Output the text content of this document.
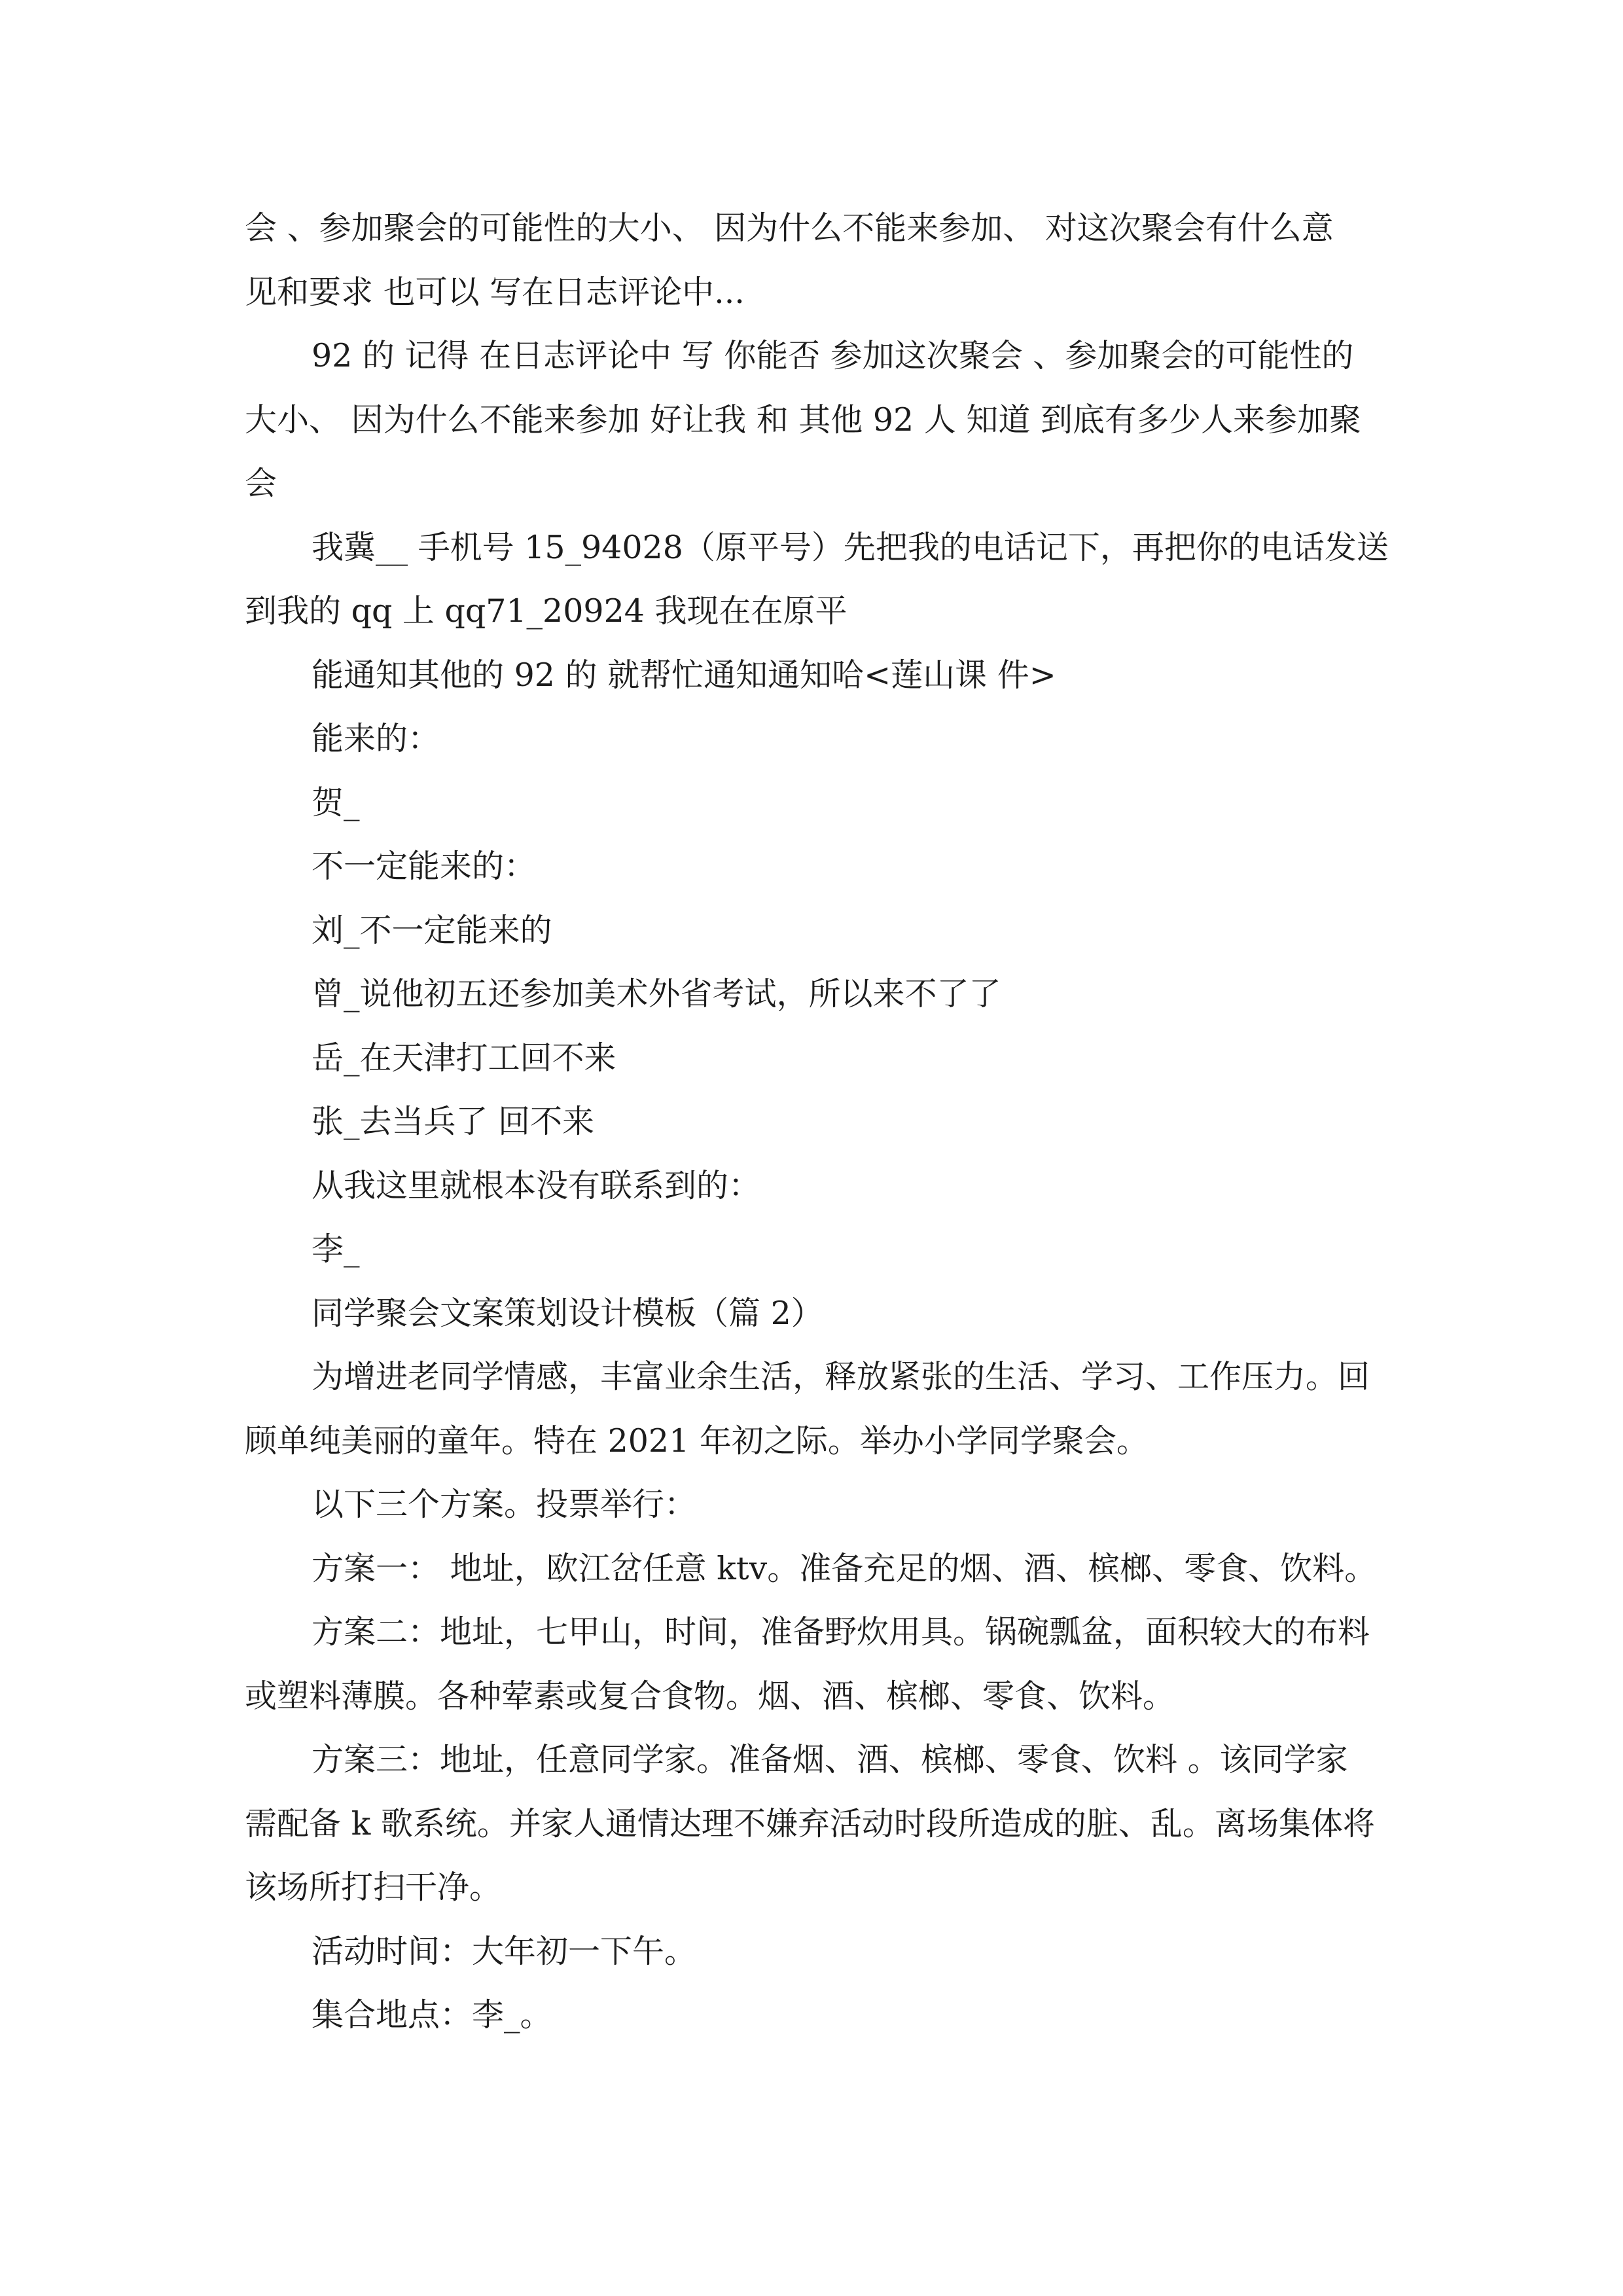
会 、参加聚会的可能性的大小、 因为什么不能来参加、 对这次聚会有什么意

见和要求 也可以 写在日志评论中...

92 的 记得 在日志评论中 写 你能否 参加这次聚会 、参加聚会的可能性的

大小、 因为什么不能来参加 好让我 和 其他 92 人 知道 到底有多少人来参加聚

会

我冀__ 手机号 15_94028（原平号）先把我的电话记下，再把你的电话发送

到我的 qq 上 qq71_20924 我现在在原平

能通知其他的 92 的 就帮忙通知通知哈<莲山课 件>

能来的：

贺_

不一定能来的：

刘_不一定能来的

曾_说他初五还参加美术外省考试，所以来不了了

岳_在天津打工回不来

张_去当兵了 回不来

从我这里就根本没有联系到的：

李_

同学聚会文案策划设计模板（篇 2）

为增进老同学情感，丰富业余生活，释放紧张的生活、学习、工作压力。回

顾单纯美丽的童年。特在 2021 年初之际。举办小学同学聚会。

以下三个方案。投票举行：

方案一： 地址，欧江岔任意 ktv。准备充足的烟、酒、槟榔、零食、饮料。

方案二：地址，七甲山，时间，准备野炊用具。锅碗瓢盆，面积较大的布料

或塑料薄膜。各种荤素或复合食物。烟、酒、槟榔、零食、饮料。

方案三：地址，任意同学家。准备烟、酒、槟榔、零食、饮料 。该同学家

需配备 k 歌系统。并家人通情达理不嫌弃活动时段所造成的脏、乱。离场集体将

该场所打扫干净。

活动时间：大年初一下午。

集合地点：李_。
